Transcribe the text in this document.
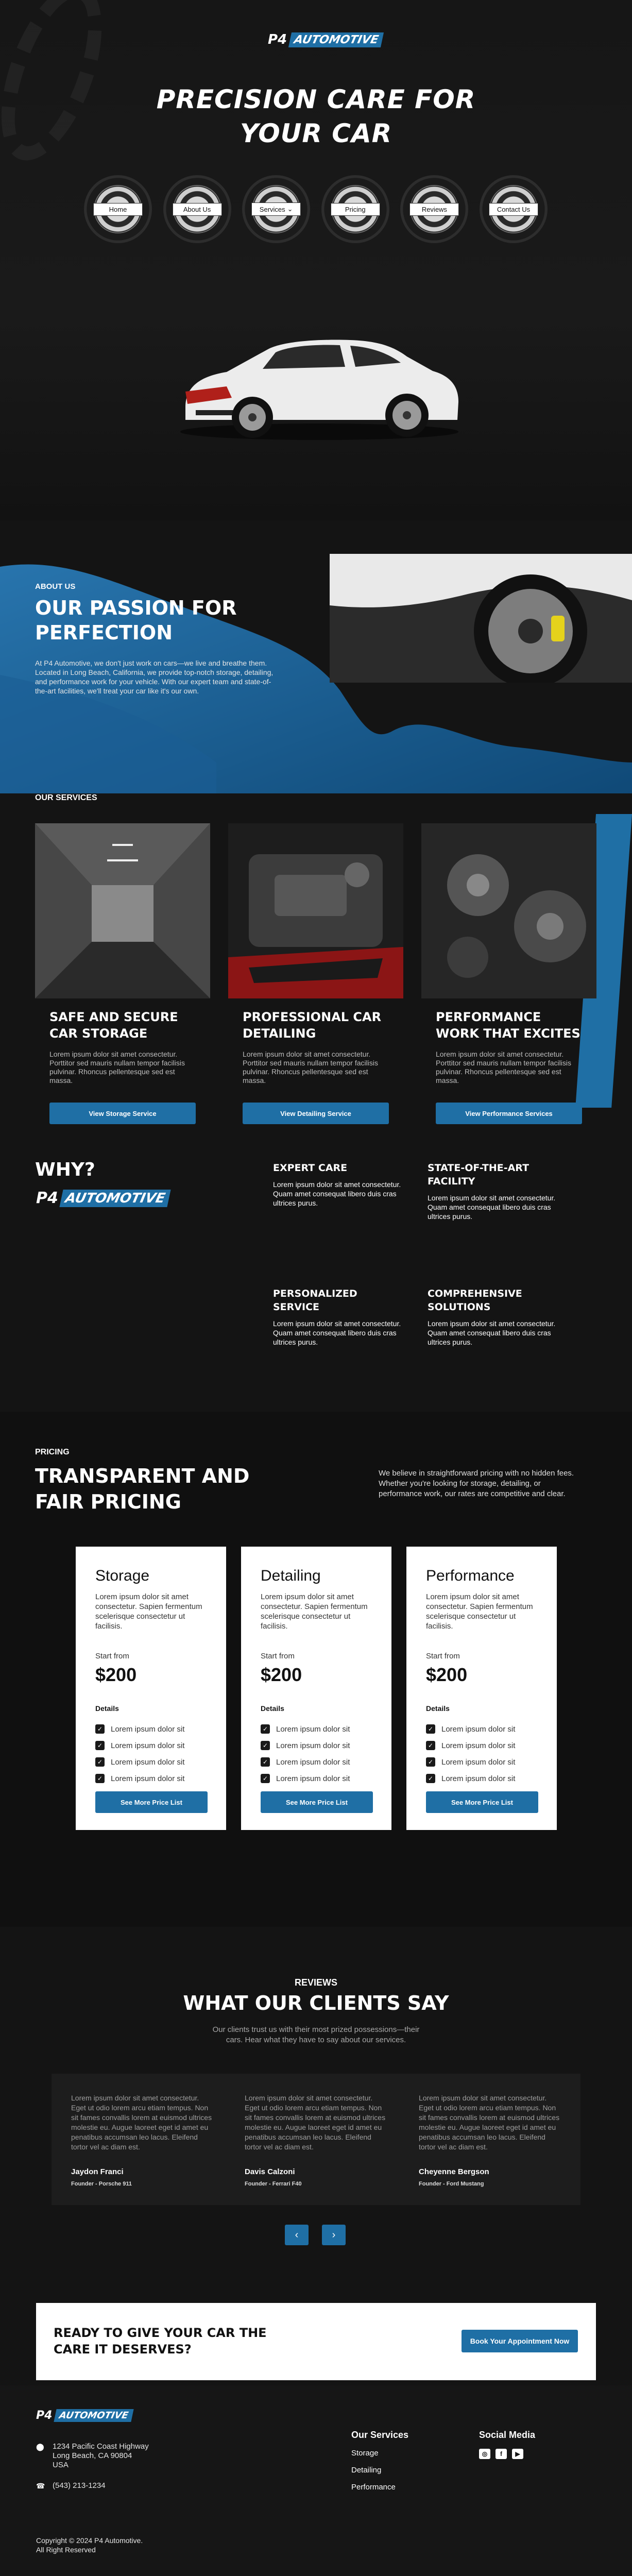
P4 AUTOMOTIVE
PRECISION CARE FOR
YOUR CAR
Home	About Us	Services ⌄	Pricing	Reviews	Contact Us
ABOUT US
OUR PASSION FOR PERFECTION

At P4 Automotive, we don't just work on cars—we live and breathe them. Located in Long Beach, California, we provide top-notch storage, detailing, and performance work for your vehicle. With our expert team and state-of-the-art facilities, we'll treat your car like it's our own.

OUR SERVICES
SAFE AND SECURE CAR STORAGE

Lorem ipsum dolor sit amet consectetur. Porttitor sed mauris nullam tempor facilisis pulvinar. Rhoncus pellentesque sed est massa.

View Storage Service
PROFESSIONAL CAR DETAILING

Lorem ipsum dolor sit amet consectetur. Porttitor sed mauris nullam tempor facilisis pulvinar. Rhoncus pellentesque sed est massa.

View Detailing Service
PERFORMANCE WORK THAT EXCITES

Lorem ipsum dolor sit amet consectetur. Porttitor sed mauris nullam tempor facilisis pulvinar. Rhoncus pellentesque sed est massa.

View Performance Services
WHY?
P4 AUTOMOTIVE
EXPERT CARE

Lorem ipsum dolor sit amet consectetur. Quam amet consequat libero duis cras ultrices purus.

STATE-OF-THE-ART FACILITY

Lorem ipsum dolor sit amet consectetur. Quam amet consequat libero duis cras ultrices purus.

PERSONALIZED SERVICE

Lorem ipsum dolor sit amet consectetur. Quam amet consequat libero duis cras ultrices purus.

COMPREHENSIVE SOLUTIONS

Lorem ipsum dolor sit amet consectetur. Quam amet consequat libero duis cras ultrices purus.

PRICING
TRANSPARENT AND FAIR PRICING

We believe in straightforward pricing with no hidden fees. Whether you're looking for storage, detailing, or performance work, our rates are competitive and clear.

Storage

Lorem ipsum dolor sit amet consectetur. Sapien fermentum scelerisque consectetur ut facilisis.

Start from
$200
Details
✓ Lorem ipsum dolor sit
✓ Lorem ipsum dolor sit
✓ Lorem ipsum dolor sit
✓ Lorem ipsum dolor sit
See More Price List
Detailing

Lorem ipsum dolor sit amet consectetur. Sapien fermentum scelerisque consectetur ut facilisis.

Start from
$200
Details
✓ Lorem ipsum dolor sit
✓ Lorem ipsum dolor sit
✓ Lorem ipsum dolor sit
✓ Lorem ipsum dolor sit
See More Price List
Performance

Lorem ipsum dolor sit amet consectetur. Sapien fermentum scelerisque consectetur ut facilisis.

Start from
$200
Details
✓ Lorem ipsum dolor sit
✓ Lorem ipsum dolor sit
✓ Lorem ipsum dolor sit
✓ Lorem ipsum dolor sit
See More Price List
REVIEWS
WHAT OUR CLIENTS SAY

Our clients trust us with their most prized possessions—their cars. Hear what they have to say about our services.

Lorem ipsum dolor sit amet consectetur. Eget ut odio lorem arcu etiam tempus. Non sit fames convallis lorem at euismod ultrices molestie eu. Augue laoreet eget id amet eu penatibus accumsan leo lacus. Eleifend tortor vel ac diam est.

Jaydon Franci
Founder - Porsche 911

Lorem ipsum dolor sit amet consectetur. Eget ut odio lorem arcu etiam tempus. Non sit fames convallis lorem at euismod ultrices molestie eu. Augue laoreet eget id amet eu penatibus accumsan leo lacus. Eleifend tortor vel ac diam est.

Davis Calzoni
Founder - Ferrari F40

Lorem ipsum dolor sit amet consectetur. Eget ut odio lorem arcu etiam tempus. Non sit fames convallis lorem at euismod ultrices molestie eu. Augue laoreet eget id amet eu penatibus accumsan leo lacus. Eleifend tortor vel ac diam est.

Cheyenne Bergson
Founder - Ford Mustang
‹	›
READY TO GIVE YOUR CAR THE CARE IT DESERVES?
Book Your Appointment Now
P4 AUTOMOTIVE
⬤ 1234 Pacific Coast Highway
Long Beach, CA 90804
USA
☎ (543) 213-1234
Copyright © 2024 P4 Automotive.
All Right Reserved
Our Services
Storage
Detailing
Performance
Social Media
◎	f	▶
